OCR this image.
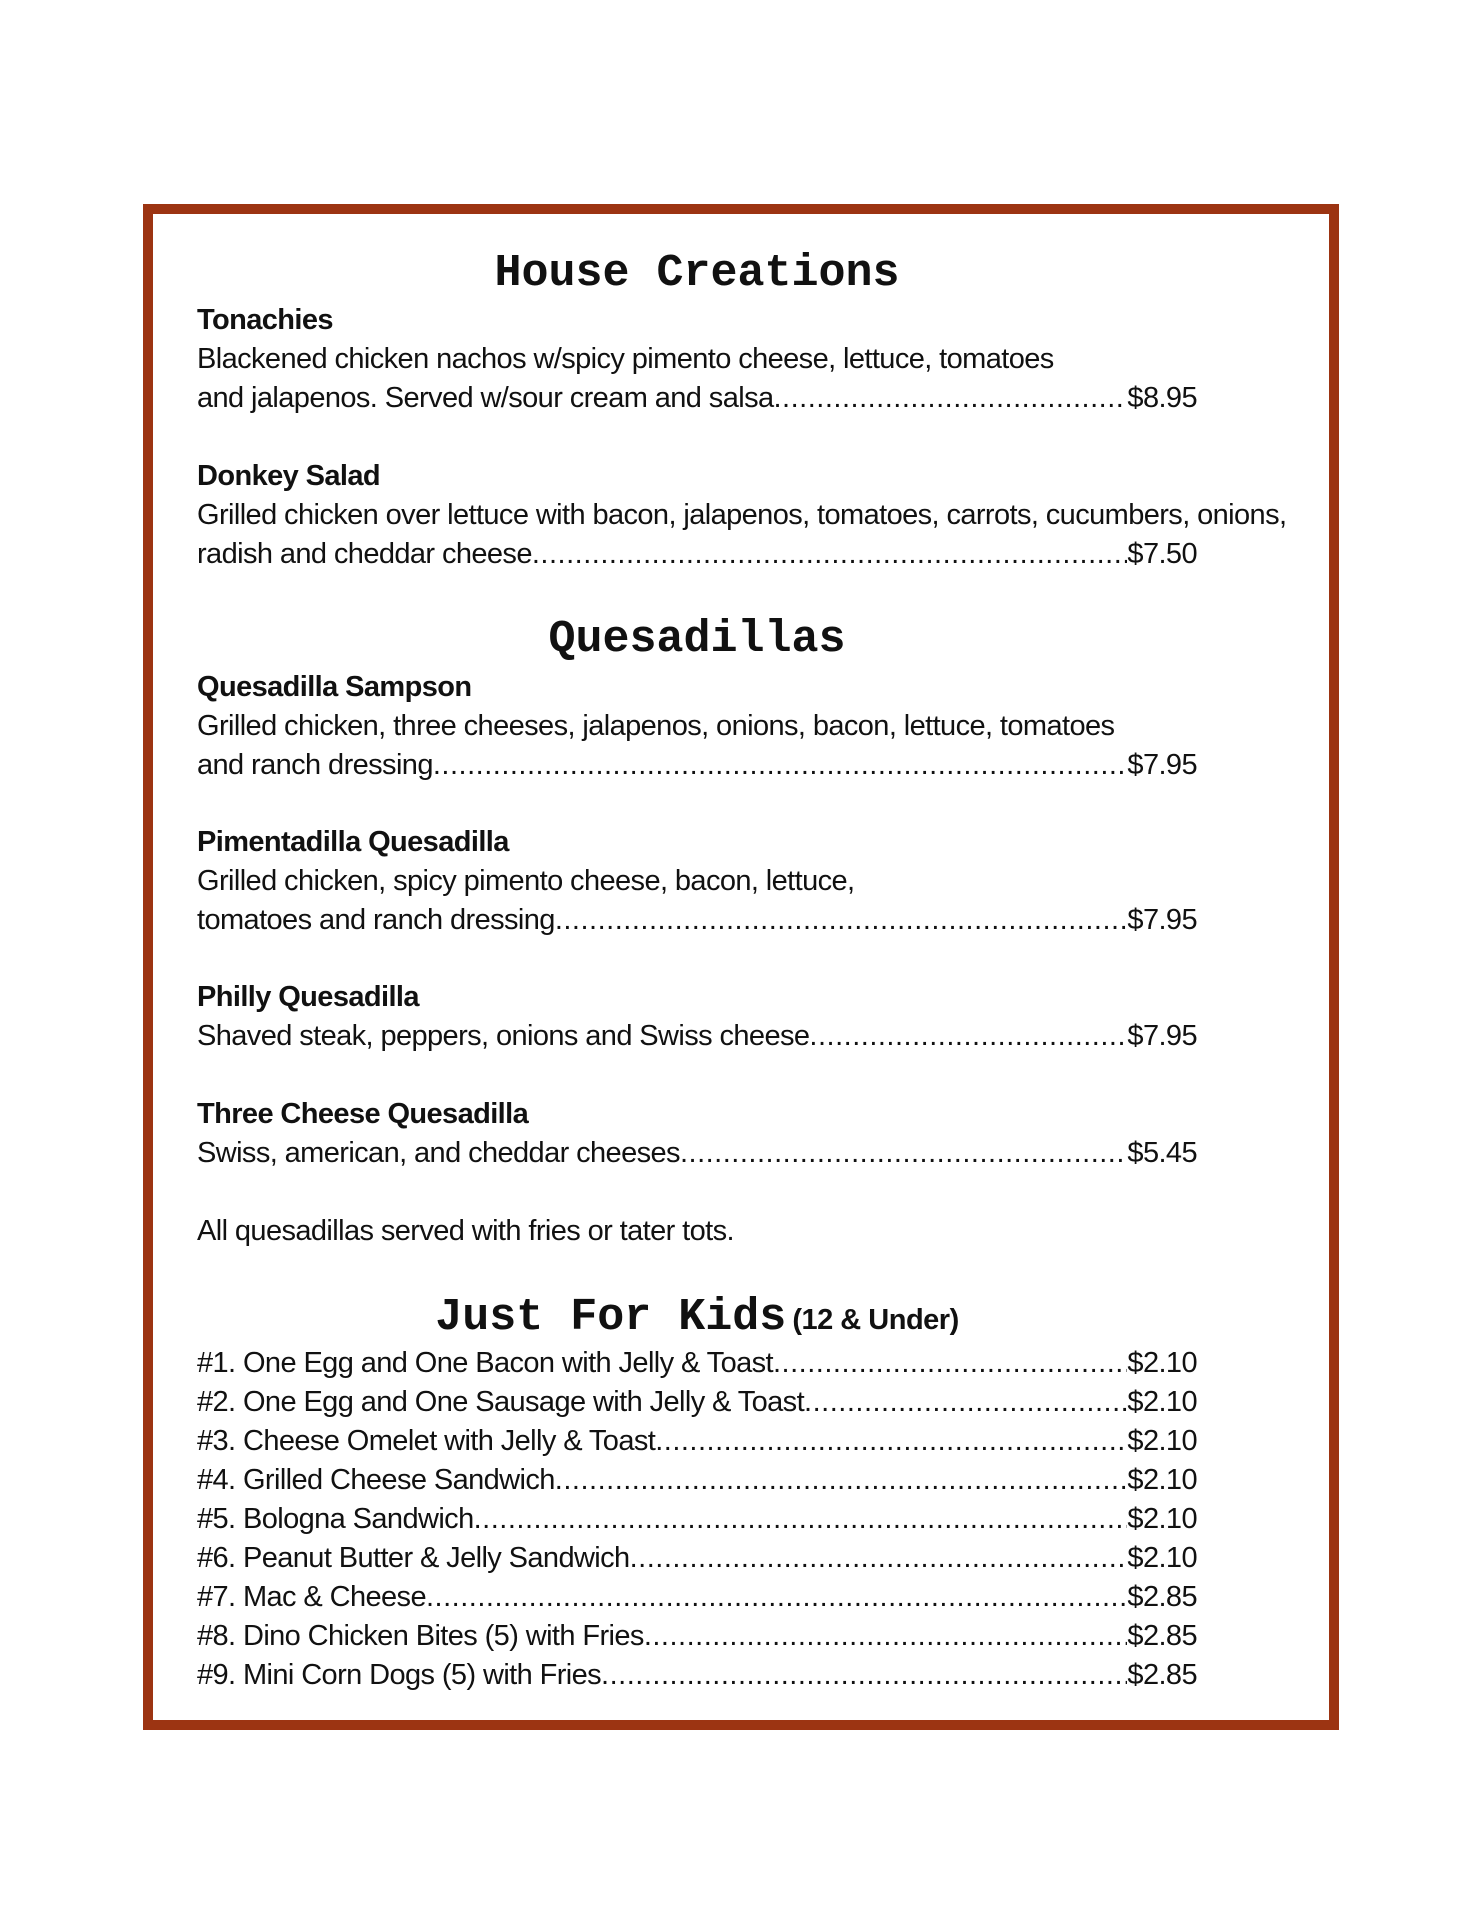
House Creations
Tonachies
Blackened chicken nachos w/spicy pimento cheese, lettuce, tomatoes
and jalapenos. Served w/sour cream and salsa .....	$8.95
Donkey Salad
Grilled chicken over lettuce with bacon, jalapenos, tomatoes, carrots, cucumbers, onions,
radish and cheddar cheese .....	$7.50
Quesadillas
Quesadilla Sampson
Grilled chicken, three cheeses, jalapenos, onions, bacon, lettuce, tomatoes
and ranch dressing .....	$7.95
Pimentadilla Quesadilla
Grilled chicken, spicy pimento cheese, bacon, lettuce,
tomatoes and ranch dressing .....	$7.95
Philly Quesadilla
Shaved steak, peppers, onions and Swiss cheese .....	$7.95
Three Cheese Quesadilla
Swiss, american, and cheddar cheeses .....	$5.45
All quesadillas served with fries or tater tots.
Just For Kids (12 & Under)
#1. One Egg and One Bacon with Jelly & Toast .....	$2.10
#2. One Egg and One Sausage with Jelly & Toast .....	$2.10
#3. Cheese Omelet with Jelly & Toast .....	$2.10
#4. Grilled Cheese Sandwich .....	$2.10
#5. Bologna Sandwich .....	$2.10
#6. Peanut Butter & Jelly Sandwich .....	$2.10
#7. Mac & Cheese .....	$2.85
#8. Dino Chicken Bites (5) with Fries .....	$2.85
#9. Mini Corn Dogs (5) with Fries .....	$2.85
